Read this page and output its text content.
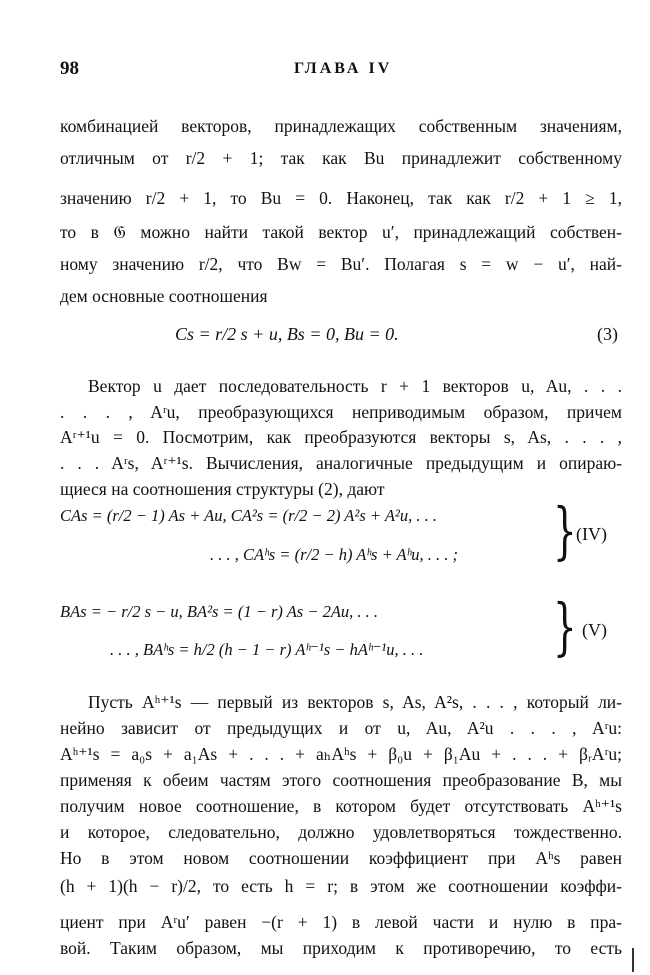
98	ГЛАВА IV
комбинацией векторов, принадлежащих собственным значениям,
отличным от r/2 + 1; так как Bu принадлежит собственному
значению r/2 + 1, то Bu = 0. Наконец, так как r/2 + 1 ≥ 1,
то в 𝔊 можно найти такой вектор u′, принадлежащий собствен-
ному значению r/2, что Bw = Bu′. Полагая s = w − u′, най-
дем основные соотношения
Cs = r/2 s + u, Bs = 0, Bu = 0.	(3)
Вектор u дает последовательность r + 1 векторов u, Au, . . .
. . . , Aʳu, преобразующихся неприводимым образом, причем
Aʳ⁺¹u = 0. Посмотрим, как преобразуются векторы s, As, . . . ,
. . . Aʳs, Aʳ⁺¹s. Вычисления, аналогичные предыдущим и опираю-
щиеся на соотношения структуры (2), дают
CAs = (r/2 − 1) As + Au, CA²s = (r/2 − 2) A²s + A²u, . . .
. . . , CAʰs = (r/2 − h) Aʰs + Aʰu, . . . ; } (IV)
BAs = − r/2 s − u, BA²s = (1 − r) As − 2Au, . . .
. . . , BAʰs = h/2 (h − 1 − r) Aʰ⁻¹s − hAʰ⁻¹u, . . . } (V)
Пусть Aʰ⁺¹s — первый из векторов s, As, A²s, . . . , который ли-
нейно зависит от предыдущих и от u, Au, A²u . . . , Aʳu:
Aʰ⁺¹s = a₀s + a₁As + . . . + aₕAʰs + β₀u + β₁Au + . . . + βᵣAʳu;
применяя к обеим частям этого соотношения преобразование B, мы
получим новое соотношение, в котором будет отсутствовать Aʰ⁺¹s
и которое, следовательно, должно удовлетворяться тождественно.
Но в этом новом соотношении коэффициент при Aʰs равен
(h + 1)(h − r)/2, то есть h = r; в этом же соотношении коэффи-
циент при Aʳu′ равен −(r + 1) в левой части и нулю в пра-
вой. Таким образом, мы приходим к противоречию, то есть
